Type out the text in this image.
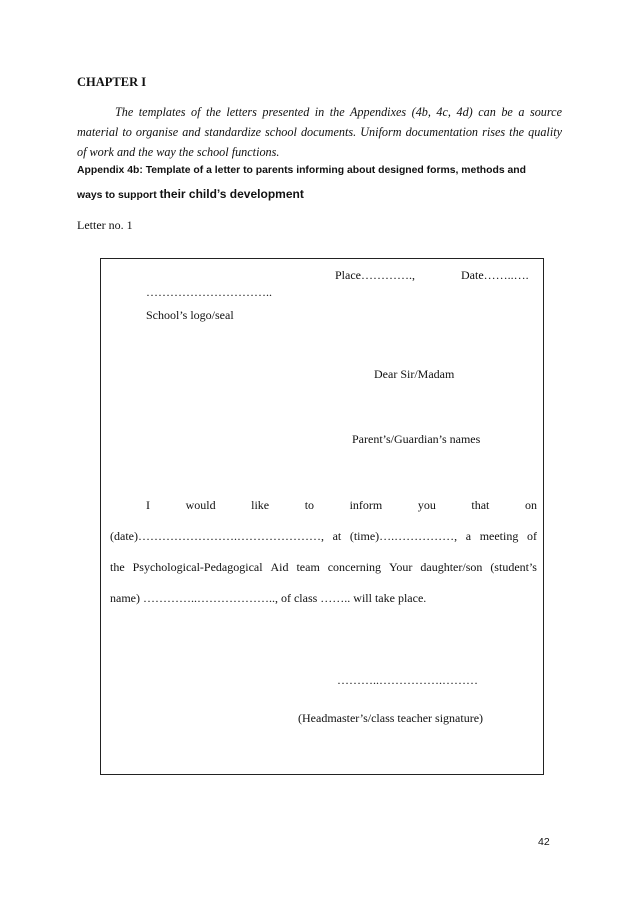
CHAPTER I
The templates of the letters presented in the Appendixes (4b, 4c, 4d) can be a source material to organise and standardize school documents. Uniform documentation rises the quality of work and the way the school functions.
Appendix 4b: Template of a letter to parents informing about designed forms, methods and
ways to support their child’s development
Letter no. 1
Place………….,	Date……..….
…………………………..
School’s logo/seal
Dear Sir/Madam
Parent’s/Guardian’s names
I	would	like	to	inform	you	that	on
(date)…………………….…………………, at (time)….……………, a meeting of
the Psychological-Pedagogical Aid team concerning Your daughter/son (student’s
name) …………..……………….., of class …….. will take place.
………..…………….………
(Headmaster’s/class teacher signature)
42
